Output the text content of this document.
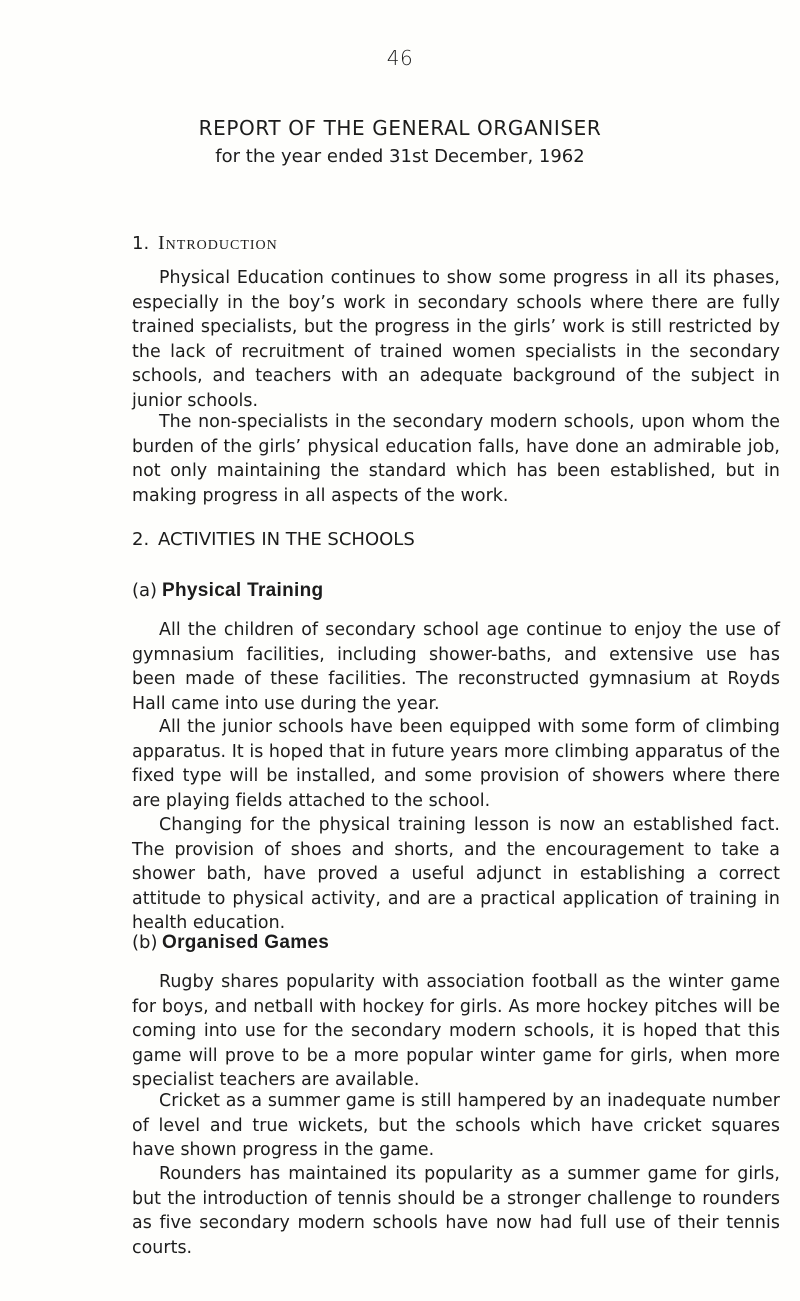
46
REPORT OF THE GENERAL ORGANISER
for the year ended 31st December, 1962
1. Introduction

Physical Education continues to show some progress in all its phases, especially in the boy’s work in secondary schools where there are fully trained specialists, but the progress in the girls’ work is still restricted by the lack of recruitment of trained women specialists in the secondary schools, and teachers with an adequate background of the subject in junior schools.

The non-specialists in the secondary modern schools, upon whom the burden of the girls’ physical education falls, have done an admirable job, not only maintaining the standard which has been established, but in making progress in all aspects of the work.

2. ACTIVITIES IN THE SCHOOLS
(a) Physical Training

All the children of secondary school age continue to enjoy the use of gymnasium facilities, including shower-baths, and extensive use has been made of these facilities. The reconstructed gymnasium at Royds Hall came into use during the year.

All the junior schools have been equipped with some form of climbing apparatus. It is hoped that in future years more climbing apparatus of the fixed type will be installed, and some provision of showers where there are playing fields attached to the school.

Changing for the physical training lesson is now an established fact. The provision of shoes and shorts, and the encouragement to take a shower bath, have proved a useful adjunct in establishing a correct attitude to physical activity, and are a practical application of training in health education.

(b) Organised Games

Rugby shares popularity with association football as the winter game for boys, and netball with hockey for girls. As more hockey pitches will be coming into use for the secondary modern schools, it is hoped that this game will prove to be a more popular winter game for girls, when more specialist teachers are available.

Cricket as a summer game is still hampered by an inadequate number of level and true wickets, but the schools which have cricket squares have shown progress in the game.

Rounders has maintained its popularity as a summer game for girls, but the introduction of tennis should be a stronger challenge to rounders as five secondary modern schools have now had full use of their tennis courts.
